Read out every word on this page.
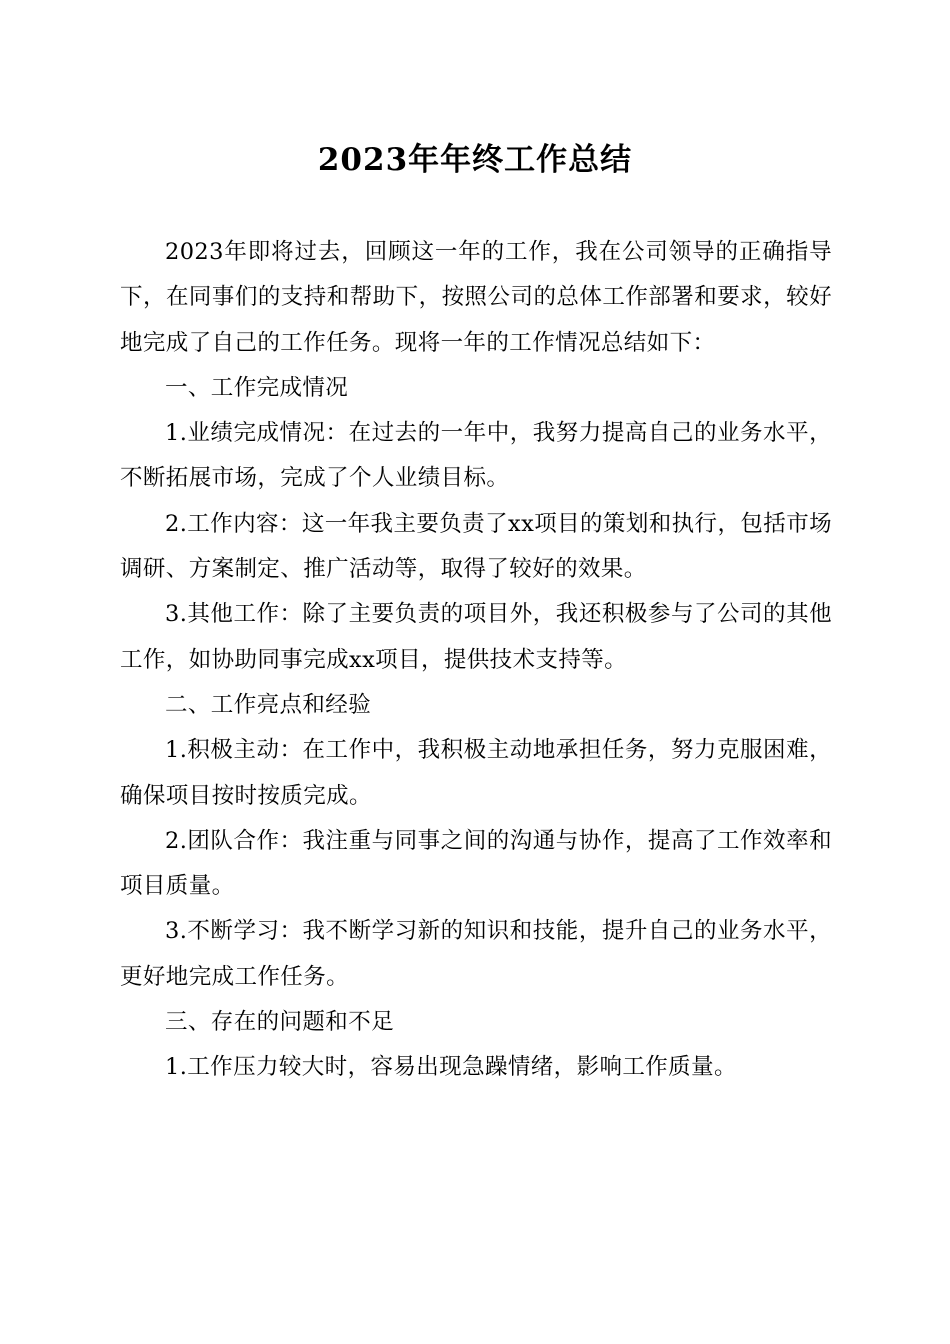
2023年年终工作总结

2023年即将过去，回顾这一年的工作，我在公司领导的正确指导下，在同事们的支持和帮助下，按照公司的总体工作部署和要求，较好地完成了自己的工作任务。现将一年的工作情况总结如下：

一、工作完成情况

1.业绩完成情况：在过去的一年中，我努力提高自己的业务水平，不断拓展市场，完成了个人业绩目标。

2.工作内容：这一年我主要负责了xx项目的策划和执行，包括市场调研、方案制定、推广活动等，取得了较好的效果。

3.其他工作：除了主要负责的项目外，我还积极参与了公司的其他工作，如协助同事完成xx项目，提供技术支持等。

二、工作亮点和经验

1.积极主动：在工作中，我积极主动地承担任务，努力克服困难，确保项目按时按质完成。

2.团队合作：我注重与同事之间的沟通与协作，提高了工作效率和项目质量。

3.不断学习：我不断学习新的知识和技能，提升自己的业务水平，更好地完成工作任务。

三、存在的问题和不足

1.工作压力较大时，容易出现急躁情绪，影响工作质量。
